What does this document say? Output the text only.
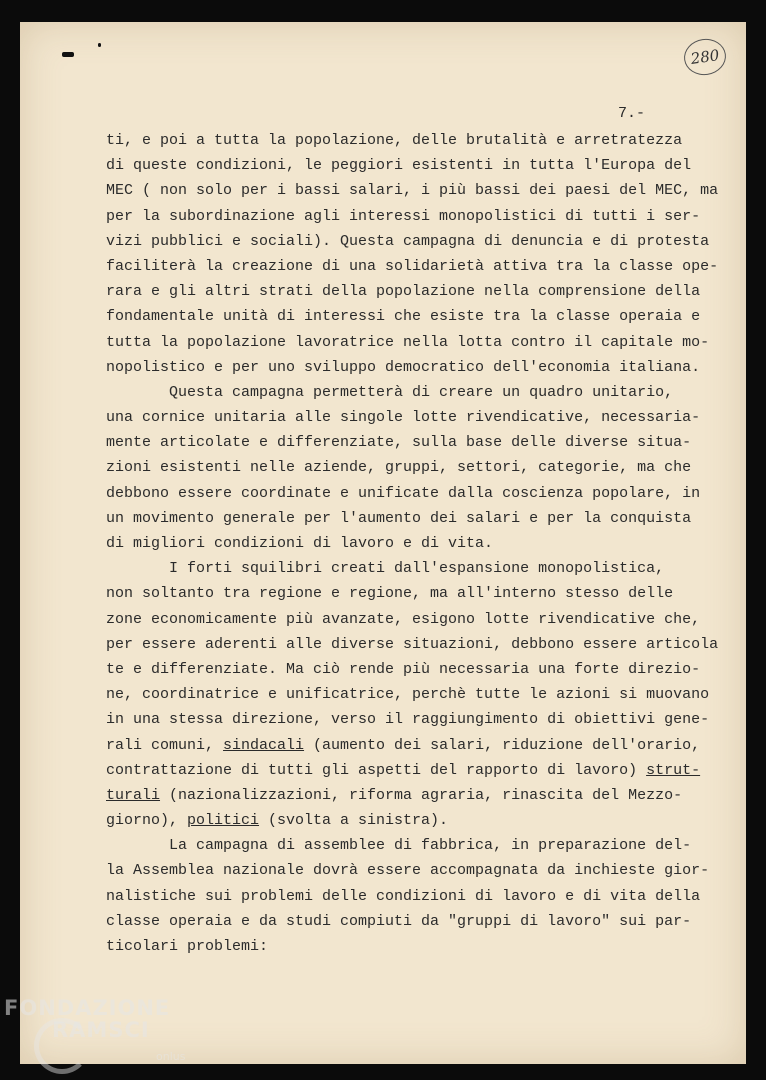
280
7.-
ti, e poi a tutta la popolazione, delle brutalità e arretratezza
di queste condizioni, le peggiori esistenti in tutta l'Europa del
MEC ( non solo per i bassi salari, i più bassi dei paesi del MEC, ma
per la subordinazione agli interessi monopolistici di tutti i ser-
vizi pubblici e sociali). Questa campagna di denuncia e di protesta
faciliterà la creazione di una solidarietà attiva tra la classe ope-
rara e gli altri strati della popolazione nella comprensione della
fondamentale unità di interessi che esiste tra la classe operaia e
tutta la popolazione lavoratrice nella lotta contro il capitale mo-
nopolistico e per uno sviluppo democratico dell'economia italiana.
Questa campagna permetterà di creare un quadro unitario,
una cornice unitaria alle singole lotte rivendicative, necessaria-
mente articolate e differenziate, sulla base delle diverse situa-
zioni esistenti nelle aziende, gruppi, settori, categorie, ma che
debbono essere coordinate e unificate dalla coscienza popolare, in
un movimento generale per l'aumento dei salari e per la conquista
di migliori condizioni di lavoro e di vita.
I forti squilibri creati dall'espansione monopolistica,
non soltanto tra regione e regione, ma all'interno stesso delle
zone economicamente più avanzate, esigono lotte rivendicative che,
per essere aderenti alle diverse situazioni, debbono essere articola
te e differenziate. Ma ciò rende più necessaria una forte direzio-
ne, coordinatrice e unificatrice, perchè tutte le azioni si muovano
in una stessa direzione, verso il raggiungimento di obiettivi gene-
rali comuni, sindacali (aumento dei salari, riduzione dell'orario,
contrattazione di tutti gli aspetti del rapporto di lavoro) strut-
turali (nazionalizzazioni, riforma agraria, rinascita del Mezzo-
giorno), politici (svolta a sinistra).
La campagna di assemblee di fabbrica, in preparazione del-
la Assemblea nazionale dovrà essere accompagnata da inchieste gior-
nalistiche sui problemi delle condizioni di lavoro e di vita della
classe operaia e da studi compiuti da "gruppi di lavoro" sui par-
ticolari problemi:
FONDAZIONE
RAMSCI
onlus
